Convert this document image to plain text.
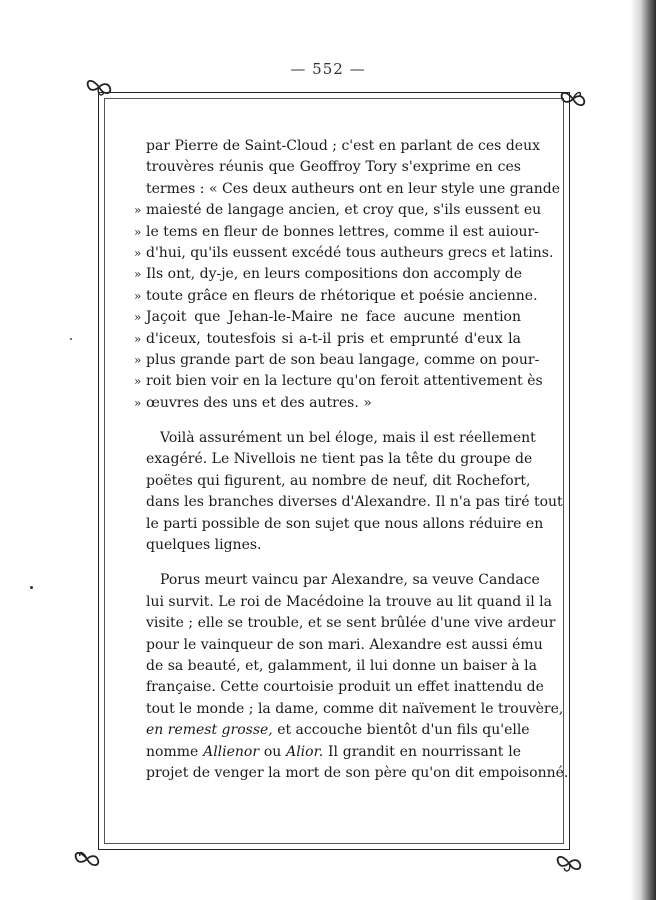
— 552 —
par Pierre de Saint-Cloud ; c'est en parlant de ces deux
trouvères réunis que Geoffroy Tory s'exprime en ces
termes : « Ces deux autheurs ont en leur style une grande
» maiesté de langage ancien, et croy que, s'ils eussent eu
» le tems en fleur de bonnes lettres, comme il est auiour-
» d'hui, qu'ils eussent excédé tous autheurs grecs et latins.
» Ils ont, dy-je, en leurs compositions don accomply de
» toute grâce en fleurs de rhétorique et poésie ancienne.
» Jaçoit que Jehan-le-Maire ne face aucune mention
» d'iceux, toutesfois si a-t-il pris et emprunté d'eux la
» plus grande part de son beau langage, comme on pour-
» roit bien voir en la lecture qu'on feroit attentivement ès
» œuvres des uns et des autres. »
Voilà assurément un bel éloge, mais il est réellement
exagéré. Le Nivellois ne tient pas la tête du groupe de
poëtes qui figurent, au nombre de neuf, dit Rochefort,
dans les branches diverses d'Alexandre. Il n'a pas tiré tout
le parti possible de son sujet que nous allons réduire en
quelques lignes.
Porus meurt vaincu par Alexandre, sa veuve Candace
lui survit. Le roi de Macédoine la trouve au lit quand il la
visite ; elle se trouble, et se sent brûlée d'une vive ardeur
pour le vainqueur de son mari. Alexandre est aussi ému
de sa beauté, et, galamment, il lui donne un baiser à la
française. Cette courtoisie produit un effet inattendu de
tout le monde ; la dame, comme dit naïvement le trouvère,
en remest grosse, et accouche bientôt d'un fils qu'elle
nomme Allienor ou Alior. Il grandit en nourrissant le
projet de venger la mort de son père qu'on dit empoisonné.
